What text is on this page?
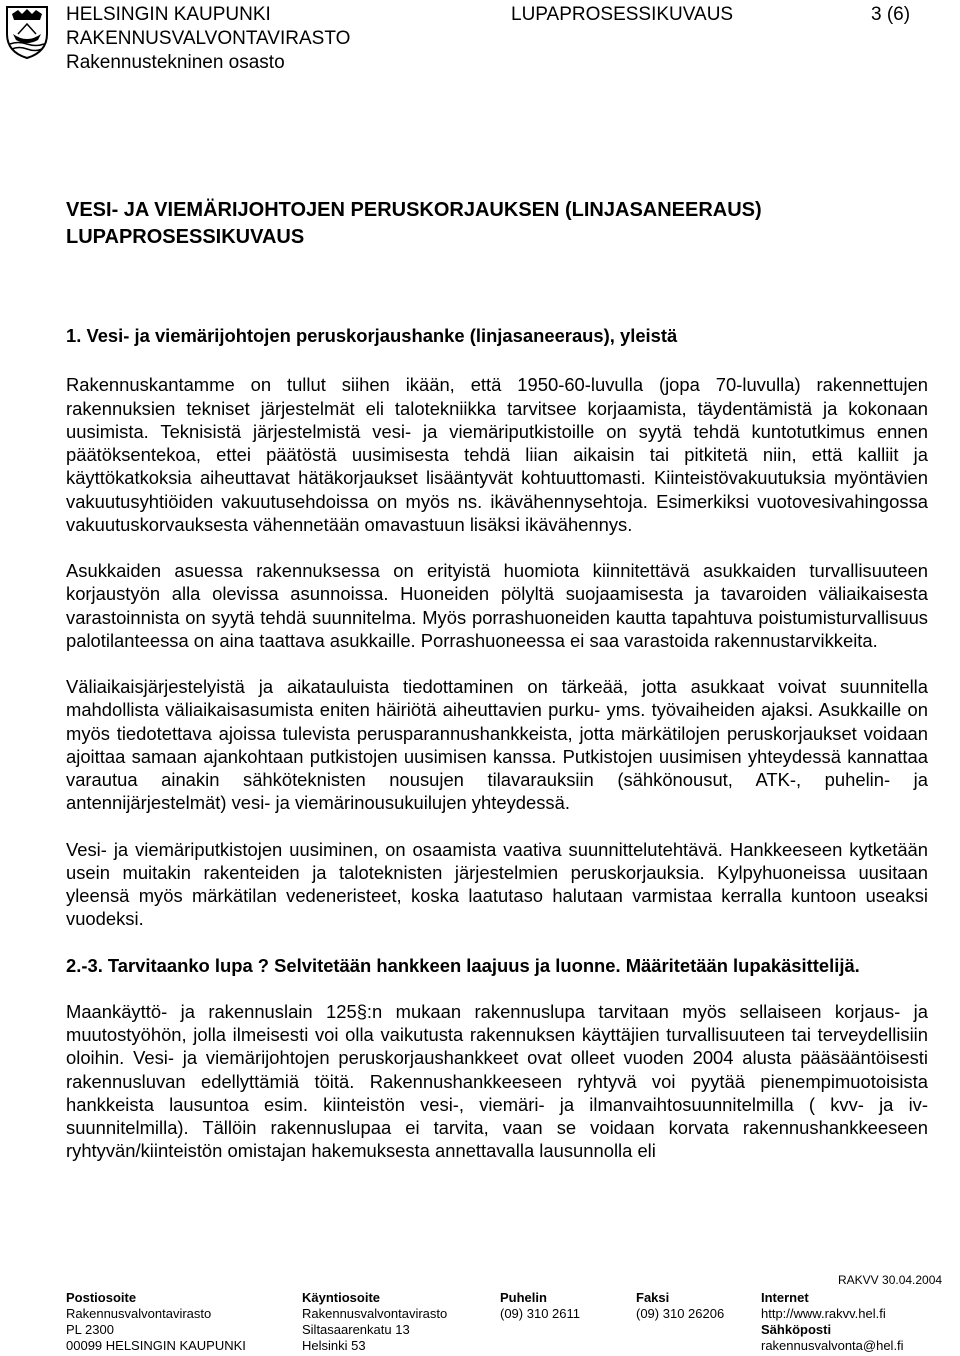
HELSINGIN KAUPUNKI
RAKENNUSVALVONTAVIRASTO
Rakennustekninen osasto
LUPAPROSESSIKUVAUS	3 (6)
VESI- JA VIEMÄRIJOHTOJEN PERUSKORJAUKSEN (LINJASANEERAUS)
LUPAPROSESSIKUVAUS

1. Vesi- ja viemärijohtojen peruskorjaushanke (linjasaneeraus), yleistä

Rakennuskantamme on tullut siihen ikään, että 1950-60-luvulla (jopa 70-luvulla) rakennettujen rakennuksien tekniset järjestelmät eli talotekniikka tarvitsee korjaamista, täydentämistä ja kokonaan uusimista. Teknisistä järjestelmistä vesi- ja viemäriputkistoille on syytä tehdä kuntotutkimus ennen päätöksentekoa, ettei päätöstä uusimisesta tehdä liian aikaisin tai pitkitetä niin, että kalliit ja käyttökatkoksia aiheuttavat hätäkorjaukset lisääntyvät kohtuuttomasti. Kiinteistövakuutuksia myöntävien vakuutusyhtiöiden vakuutusehdoissa on myös ns. ikävähennysehtoja. Esimerkiksi vuotovesivahingossa vakuutuskorvauksesta vähennetään omavastuun lisäksi ikävähennys.

Asukkaiden asuessa rakennuksessa on erityistä huomiota kiinnitettävä asukkaiden turvallisuuteen korjaustyön alla olevissa asunnoissa. Huoneiden pölyltä suojaamisesta ja tavaroiden väliaikaisesta varastoinnista on syytä tehdä suunnitelma. Myös porrashuoneiden kautta tapahtuva poistumisturvallisuus palotilanteessa on aina taattava asukkaille. Porrashuoneessa ei saa varastoida rakennustarvikkeita.

Väliaikaisjärjestelyistä ja aikatauluista tiedottaminen on tärkeää, jotta asukkaat voivat suunnitella mahdollista väliaikaisasumista eniten häiriötä aiheuttavien purku- yms. työvaiheiden ajaksi. Asukkaille on myös tiedotettava ajoissa tulevista perusparannushankkeista, jotta märkätilojen peruskorjaukset voidaan ajoittaa samaan ajankohtaan putkistojen uusimisen kanssa. Putkistojen uusimisen yhteydessä kannattaa varautua ainakin sähköteknisten nousujen tilavarauksiin (sähkönousut, ATK-, puhelin- ja antennijärjestelmät) vesi- ja viemärinousukuilujen yhteydessä.

Vesi- ja viemäriputkistojen uusiminen, on osaamista vaativa suunnittelutehtävä. Hankkeeseen kytketään usein muitakin rakenteiden ja taloteknisten järjestelmien peruskorjauksia. Kylpyhuoneissa uusitaan yleensä myös märkätilan vedeneristeet, koska laatutaso halutaan varmistaa kerralla kuntoon useaksi vuodeksi.

2.-3. Tarvitaanko lupa ? Selvitetään hankkeen laajuus ja luonne. Määritetään lupakäsittelijä.

Maankäyttö- ja rakennuslain 125§:n mukaan rakennuslupa tarvitaan myös sellaiseen korjaus- ja muutostyöhön, jolla ilmeisesti voi olla vaikutusta rakennuksen käyttäjien turvallisuuteen tai terveydellisiin oloihin. Vesi- ja viemärijohtojen peruskorjaushankkeet ovat olleet vuoden 2004 alusta pääsääntöisesti rakennusluvan edellyttämiä töitä. Rakennushankkeeseen ryhtyvä voi pyytää pienempimuotoisista hankkeista lausuntoa esim. kiinteistön vesi-, viemäri- ja ilmanvaihtosuunnitelmilla ( kvv- ja iv-suunnitelmilla). Tällöin rakennuslupaa ei tarvita, vaan se voidaan korvata rakennushankkeeseen ryhtyvän/kiinteistön omistajan hakemuksesta annettavalla lausunnolla eli

RAKVV 30.04.2004
Postiosoite
Rakennusvalvontavirasto
PL 2300
00099 HELSINGIN KAUPUNKI
Käyntiosoite
Rakennusvalvontavirasto
Siltasaarenkatu 13
Helsinki 53
Puhelin
(09) 310 2611
Faksi
(09) 310 26206
Internet
http://www.rakvv.hel.fi
Sähköposti
rakennusvalvonta@hel.fi
